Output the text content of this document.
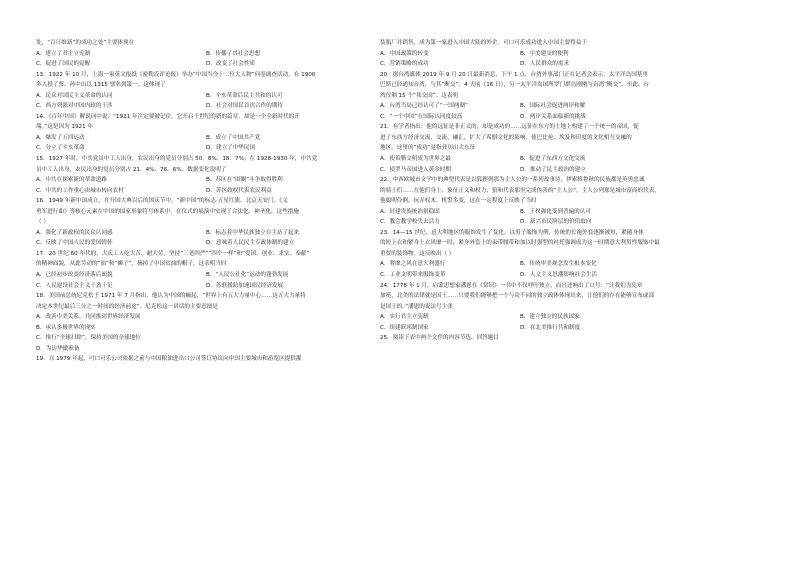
处，“百日维新”的成功之处”主要体现在
A．建立了君主立宪制	B．传播了其社会思想
C．促进了国民的觉醒	D．改变了社会性质
13．1922 年 10 月，上海一家英文报纸《密勒氏评论报》举办“中国当今十二位大人物”问卷调查活动，有 1900
多人投了票，孙中山以 1315 票名列第一。这体现了
A．民众对国民主义革命的认同	B．辛亥革命后民主共和的认可
C．西方列强对中国内政的干涉	D．社会对国民首次合作的期待
14．《百年中国》解说词中说：“1921 年注定要被记住，它开启于世纪的新的篇章，却是一个全新时代的开
端。”这是因为 1921 年
A．爆发了五四运动	B．成立了中国共产党
C．分立了辛亥革命	D．建立了中华民国
15．1927 年时，中共党员中工人出身，农民出身的党员分别占 50．8%、18．7%；在 1928-1930 年，中共党
员中工人出身，农民出身的党员分别占 21．4%、76．6%。数据变化说明了
A．中共在探索新的革命道路	B．苏区在“围剿”斗争取得胜利
C．中共的工作重心由城市转向农村	D．苏区政权代表农民利益
16．1949 年新中国成立，在开国大典以后的国庆节中，“新中国”的标志·五星红旗、北京天安门、《义
勇军进行曲》等核心元素在中国的国家形象符号体系中，在仪式的展演中实现了合法化、神圣化，这些措施
（ ）
A．强化了新政权的民众认同感	B．标志着中华民族独立自主站了起来
C．反映了中国人民的爱国情怀	D．意味着人民民主专政体制的建立
17．20 世纪 60 年代的，大庆工人吃大苦，耐大劳，坚持“三老四严”“四个一样”和“爱国、创业、求实、奉献”
的精神面貌，从此劳动的“油”和“狮子”，摘掉了中国贫油的帽子，这表明当时
A．已经初步改变经济落后面貌	B．“人民公社化”运动的蓬勃发展
C．人民建设社会主义干劲十足	D．苏联援助加速国民经济发展
18．美国前总统尼克松于 1971 年 7 月指出，他认为中国的崛起，“世界上有五大力量中心……这五大力量将
决定本世纪最后三分之一时间的经济前途”。尼克松这一讲话的主要意图是
A．改善中美关系，共同推动世界经济发展
B．承认多极世界的现实
C．推行“全球扫除”，保持美国的全球地位
D．为访华做准备
19．自 1979 年起，可口可乐公司依据之前与中国粮油进出口公司签订协议向中国主要城市和游览区提供灌
装瓶厂并销售，成为第一家进入中国大陆的外企。可口可乐成功进入中国主要得益于
A．中国政策的转变	B．中美建交的便利
C．营销策略的成功	D．人民群众的需求
20．据台湾媒体 2019 年 9 月 20 日最新消息，下午 1 点，台湾外事部门正在记者会表示，太平洋岛国基里
巴斯已经通知台湾，与其“断交”。4 天前（16 日），另一太平洋岛国所罗门群岛刚刚与台湾“断交”。至此，台
湾仅剩 15 个“邦交国”。这表明
A．台湾当局已经认可了“一国两制”	B．国际社会促进两岸和解
C．“一个中国”在国际认同度较高	D．两岸关系面临新的挑战
21．有学者指出：他的远征是非正义的，却是成功的……远征在东方的土地上构建了一个统一的帝国，促
进了东西方经济交流、交流、融汇，扩大了希腊文化的影响，使巴比伦、埃及和印度的文化相互交融的
地区。这里的“成功”是指亚历山大东征
A．使希腊文明成为世界之最	B．促进了东西方文化交流
C．使罗马帝国进入黄金时期	D．推动了民主政治的建立
22．中西欧城市文学中的典型代表是以狐狸列那为主人公的一系列故事诗，伊索格鲁秋的民族都是英勇忠诚
的骑士们……在他们身上，象征正义和权力；狼和代表那里完成伪善的“主人公”。主人公列那是城市富商的代表，
他聪明伶俐，玩弄权术，机警多变，这在一定程度上反映了当时
A．封建贵族统治很稳固	B．王权强化受到普遍的认可
C．教会教学校失去活力	D．新兴市民阶层的价值取向
23．14—15 世纪，意大利地区的服饰发生了变化。以男子服饰为例，传统的长袍外套逐渐被短，紧随身体
的短上衣和紧身上衣风靡一时，紧身外套上的束带腰带和加以时强型的衬托强调成为这一时期意大利男性服饰中最
重要的装饰物。这反映出（ ）
A．奢靡之风在意大利盛行	B．传统审美观念发生根本变化
C．工业文明带来服饰变革	D．人文主义思潮影响社会生活
24．1778 年 1 月，启蒙思想家潘恩在《常识》一书中不仅呼吁独立，而且还响出了口号：“让我们为宪章
加冕，北美的法律就是国王……只要我们能够把一个与众不同的独立政体体现出来，让他们的存在能够宣布或部
是国王的。”潘恩的说法号主张
A．实行君主立宪制	B．建立独立的民族国家
C．组建联邦制国家	D．在北美推行共和制度
25．阅读下表中两个文件的内容节选，回答题目
